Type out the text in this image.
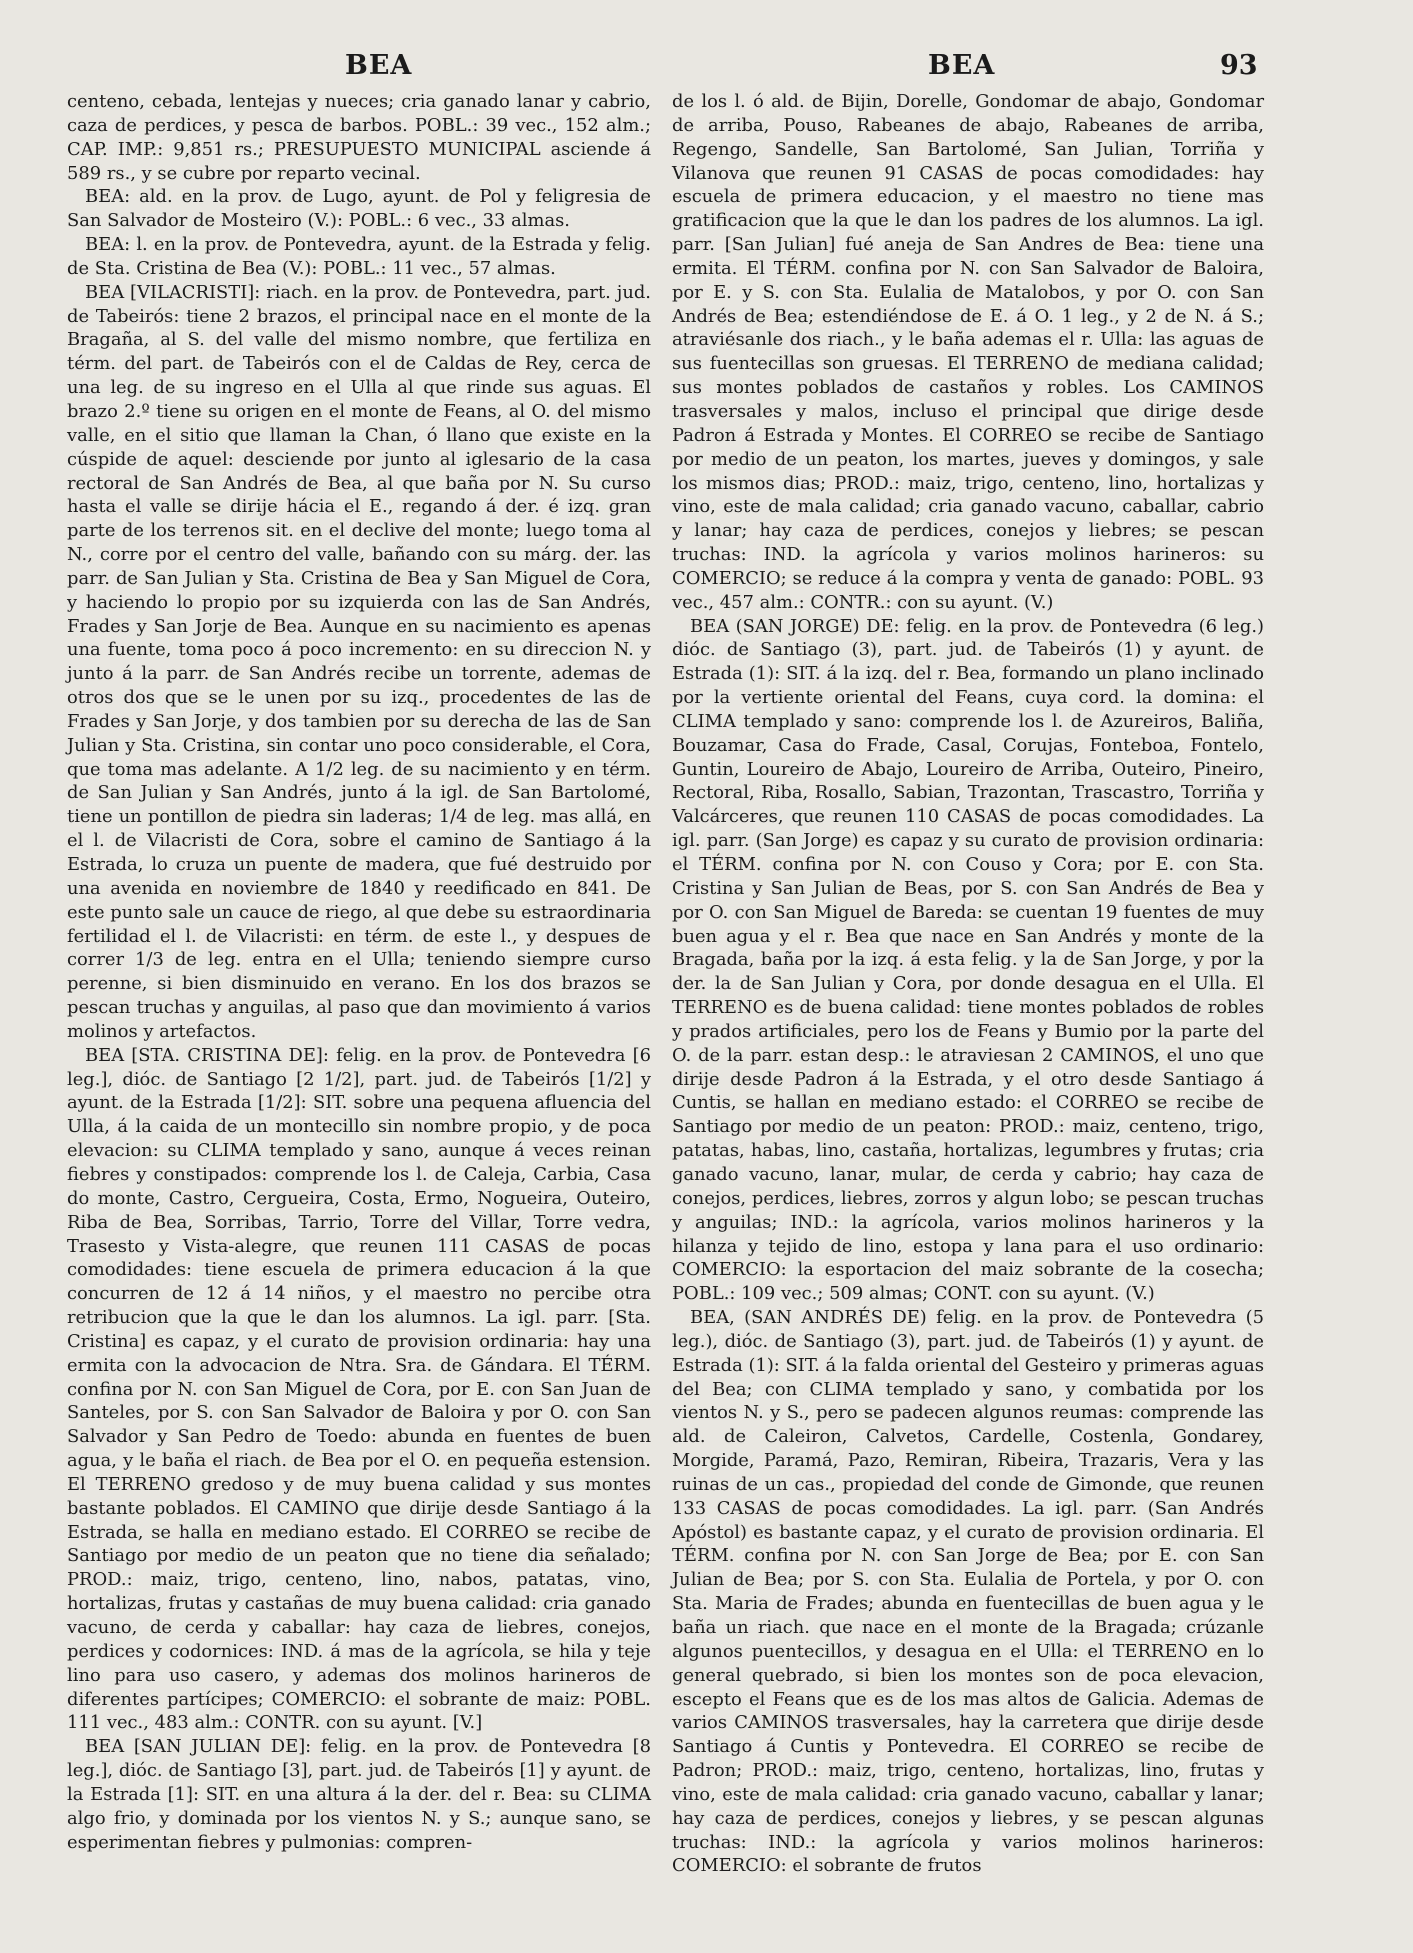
BEA	BEA	93

centeno, cebada, lentejas y nueces; cria ganado lanar y cabrio, caza de perdices, y pesca de barbos. POBL.: 39 vec., 152 alm.; CAP. IMP.: 9,851 rs.; PRESUPUESTO MUNICIPAL asciende á 589 rs., y se cubre por reparto vecinal.

BEA: ald. en la prov. de Lugo, ayunt. de Pol y feligresia de San Salvador de Mosteiro (V.): POBL.: 6 vec., 33 almas.

BEA: l. en la prov. de Pontevedra, ayunt. de la Estrada y felig. de Sta. Cristina de Bea (V.): POBL.: 11 vec., 57 almas.

BEA [VILACRISTI]: riach. en la prov. de Pontevedra, part. jud. de Tabeirós: tiene 2 brazos, el principal nace en el monte de la Bragaña, al S. del valle del mismo nombre, que fertiliza en térm. del part. de Tabeirós con el de Caldas de Rey, cerca de una leg. de su ingreso en el Ulla al que rinde sus aguas. El brazo 2.º tiene su origen en el monte de Feans, al O. del mismo valle, en el sitio que llaman la Chan, ó llano que existe en la cúspide de aquel: desciende por junto al iglesario de la casa rectoral de San Andrés de Bea, al que baña por N. Su curso hasta el valle se dirije hácia el E., regando á der. é izq. gran parte de los terrenos sit. en el declive del monte; luego toma al N., corre por el centro del valle, bañando con su márg. der. las parr. de San Julian y Sta. Cristina de Bea y San Miguel de Cora, y haciendo lo propio por su izquierda con las de San Andrés, Frades y San Jorje de Bea. Aunque en su nacimiento es apenas una fuente, toma poco á poco incremento: en su direccion N. y junto á la parr. de San Andrés recibe un torrente, ademas de otros dos que se le unen por su izq., procedentes de las de Frades y San Jorje, y dos tambien por su derecha de las de San Julian y Sta. Cristina, sin contar uno poco considerable, el Cora, que toma mas adelante. A 1/2 leg. de su nacimiento y en térm. de San Julian y San Andrés, junto á la igl. de San Bartolomé, tiene un pontillon de piedra sin laderas; 1/4 de leg. mas allá, en el l. de Vilacristi de Cora, sobre el camino de Santiago á la Estrada, lo cruza un puente de madera, que fué destruido por una avenida en noviembre de 1840 y reedificado en 841. De este punto sale un cauce de riego, al que debe su estraordinaria fertilidad el l. de Vilacristi: en térm. de este l., y despues de correr 1/3 de leg. entra en el Ulla; teniendo siempre curso perenne, si bien disminuido en verano. En los dos brazos se pescan truchas y anguilas, al paso que dan movimiento á varios molinos y artefactos.

BEA [STA. CRISTINA DE]: felig. en la prov. de Pontevedra [6 leg.], dióc. de Santiago [2 1/2], part. jud. de Tabeirós [1/2] y ayunt. de la Estrada [1/2]: SIT. sobre una pequena afluencia del Ulla, á la caida de un montecillo sin nombre propio, y de poca elevacion: su CLIMA templado y sano, aunque á veces reinan fiebres y constipados: comprende los l. de Caleja, Carbia, Casa do monte, Castro, Cergueira, Costa, Ermo, Nogueira, Outeiro, Riba de Bea, Sorribas, Tarrio, Torre del Villar, Torre vedra, Trasesto y Vista-alegre, que reunen 111 CASAS de pocas comodidades: tiene escuela de primera educacion á la que concurren de 12 á 14 niños, y el maestro no percibe otra retribucion que la que le dan los alumnos. La igl. parr. [Sta. Cristina] es capaz, y el curato de provision ordinaria: hay una ermita con la advocacion de Ntra. Sra. de Gándara. El TÉRM. confina por N. con San Miguel de Cora, por E. con San Juan de Santeles, por S. con San Salvador de Baloira y por O. con San Salvador y San Pedro de Toedo: abunda en fuentes de buen agua, y le baña el riach. de Bea por el O. en pequeña estension. El TERRENO gredoso y de muy buena calidad y sus montes bastante poblados. El CAMINO que dirije desde Santiago á la Estrada, se halla en mediano estado. El CORREO se recibe de Santiago por medio de un peaton que no tiene dia señalado; PROD.: maiz, trigo, centeno, lino, nabos, patatas, vino, hortalizas, frutas y castañas de muy buena calidad: cria ganado vacuno, de cerda y caballar: hay caza de liebres, conejos, perdices y codornices: IND. á mas de la agrícola, se hila y teje lino para uso casero, y ademas dos molinos harineros de diferentes partícipes; COMERCIO: el sobrante de maiz: POBL. 111 vec., 483 alm.: CONTR. con su ayunt. [V.]

BEA [SAN JULIAN DE]: felig. en la prov. de Pontevedra [8 leg.], dióc. de Santiago [3], part. jud. de Tabeirós [1] y ayunt. de la Estrada [1]: SIT. en una altura á la der. del r. Bea: su CLIMA algo frio, y dominada por los vientos N. y S.; aunque sano, se esperimentan fiebres y pulmonias: compren-

de los l. ó ald. de Bijin, Dorelle, Gondomar de abajo, Gondomar de arriba, Pouso, Rabeanes de abajo, Rabeanes de arriba, Regengo, Sandelle, San Bartolomé, San Julian, Torriña y Vilanova que reunen 91 CASAS de pocas comodidades: hay escuela de primera educacion, y el maestro no tiene mas gratificacion que la que le dan los padres de los alumnos. La igl. parr. [San Julian] fué aneja de San Andres de Bea: tiene una ermita. El TÉRM. confina por N. con San Salvador de Baloira, por E. y S. con Sta. Eulalia de Matalobos, y por O. con San Andrés de Bea; estendiéndose de E. á O. 1 leg., y 2 de N. á S.; atraviésanle dos riach., y le baña ademas el r. Ulla: las aguas de sus fuentecillas son gruesas. El TERRENO de mediana calidad; sus montes poblados de castaños y robles. Los CAMINOS trasversales y malos, incluso el principal que dirige desde Padron á Estrada y Montes. El CORREO se recibe de Santiago por medio de un peaton, los martes, jueves y domingos, y sale los mismos dias; PROD.: maiz, trigo, centeno, lino, hortalizas y vino, este de mala calidad; cria ganado vacuno, caballar, cabrio y lanar; hay caza de perdices, conejos y liebres; se pescan truchas: IND. la agrícola y varios molinos harineros: su COMERCIO; se reduce á la compra y venta de ganado: POBL. 93 vec., 457 alm.: CONTR.: con su ayunt. (V.)

BEA (SAN JORGE) DE: felig. en la prov. de Pontevedra (6 leg.) dióc. de Santiago (3), part. jud. de Tabeirós (1) y ayunt. de Estrada (1): SIT. á la izq. del r. Bea, formando un plano inclinado por la vertiente oriental del Feans, cuya cord. la domina: el CLIMA templado y sano: comprende los l. de Azureiros, Baliña, Bouzamar, Casa do Frade, Casal, Corujas, Fonteboa, Fontelo, Guntin, Loureiro de Abajo, Loureiro de Arriba, Outeiro, Pineiro, Rectoral, Riba, Rosallo, Sabian, Trazontan, Trascastro, Torriña y Valcárceres, que reunen 110 CASAS de pocas comodidades. La igl. parr. (San Jorge) es capaz y su curato de provision ordinaria: el TÉRM. confina por N. con Couso y Cora; por E. con Sta. Cristina y San Julian de Beas, por S. con San Andrés de Bea y por O. con San Miguel de Bareda: se cuentan 19 fuentes de muy buen agua y el r. Bea que nace en San Andrés y monte de la Bragada, baña por la izq. á esta felig. y la de San Jorge, y por la der. la de San Julian y Cora, por donde desagua en el Ulla. El TERRENO es de buena calidad: tiene montes poblados de robles y prados artificiales, pero los de Feans y Bumio por la parte del O. de la parr. estan desp.: le atraviesan 2 CAMINOS, el uno que dirije desde Padron á la Estrada, y el otro desde Santiago á Cuntis, se hallan en mediano estado: el CORREO se recibe de Santiago por medio de un peaton: PROD.: maiz, centeno, trigo, patatas, habas, lino, castaña, hortalizas, legumbres y frutas; cria ganado vacuno, lanar, mular, de cerda y cabrio; hay caza de conejos, perdices, liebres, zorros y algun lobo; se pescan truchas y anguilas; IND.: la agrícola, varios molinos harineros y la hilanza y tejido de lino, estopa y lana para el uso ordinario: COMERCIO: la esportacion del maiz sobrante de la cosecha; POBL.: 109 vec.; 509 almas; CONT. con su ayunt. (V.)

BEA, (SAN ANDRÉS DE) felig. en la prov. de Pontevedra (5 leg.), dióc. de Santiago (3), part. jud. de Tabeirós (1) y ayunt. de Estrada (1): SIT. á la falda oriental del Gesteiro y primeras aguas del Bea; con CLIMA templado y sano, y combatida por los vientos N. y S., pero se padecen algunos reumas: comprende las ald. de Caleiron, Calvetos, Cardelle, Costenla, Gondarey, Morgide, Paramá, Pazo, Remiran, Ribeira, Trazaris, Vera y las ruinas de un cas., propiedad del conde de Gimonde, que reunen 133 CASAS de pocas comodidades. La igl. parr. (San Andrés Apóstol) es bastante capaz, y el curato de provision ordinaria. El TÉRM. confina por N. con San Jorge de Bea; por E. con San Julian de Bea; por S. con Sta. Eulalia de Portela, y por O. con Sta. Maria de Frades; abunda en fuentecillas de buen agua y le baña un riach. que nace en el monte de la Bragada; crúzanle algunos puentecillos, y desagua en el Ulla: el TERRENO en lo general quebrado, si bien los montes son de poca elevacion, escepto el Feans que es de los mas altos de Galicia. Ademas de varios CAMINOS trasversales, hay la carretera que dirije desde Santiago á Cuntis y Pontevedra. El CORREO se recibe de Padron; PROD.: maiz, trigo, centeno, hortalizas, lino, frutas y vino, este de mala calidad: cria ganado vacuno, caballar y lanar; hay caza de perdices, conejos y liebres, y se pescan algunas truchas: IND.: la agrícola y varios molinos harineros: COMERCIO: el sobrante de frutos
